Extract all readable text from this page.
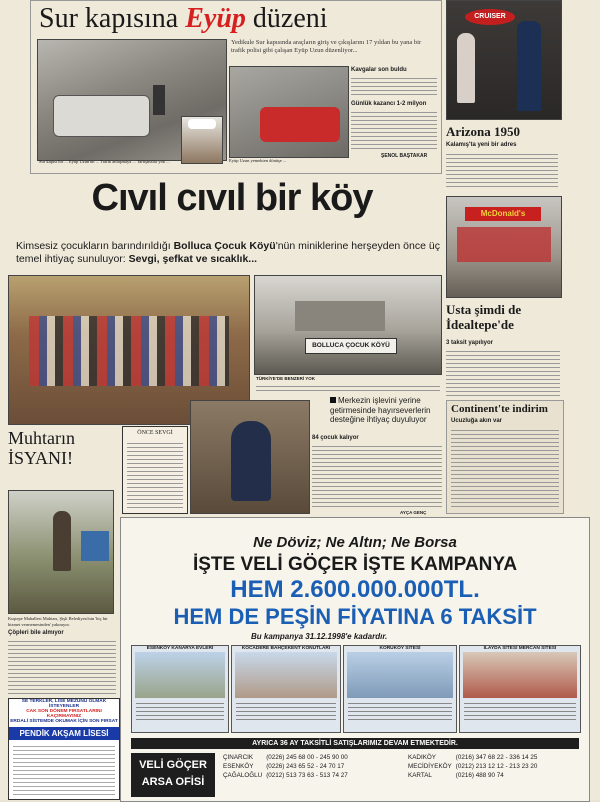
Sur kapısına Eyüp düzeni
Yedikule Sur kapısında araçların giriş ve çıkışlarını 17 yıldan bu yana bir trafik polisi gibi çalışan Eyüp Uzun düzenliyor...
Kavgalar son buldu
Günlük kazancı 1-2 milyon
ŞENOL BAŞTAKAR
Sur kapısı bir ... Eyüp Uzun'un ... Trafik anlaşmaya ... Tartışmalar yok ...	Eyüp Uzun yemekten dönüşe ...
CRUISER
Arizona 1950
Kalamış'ta yeni bir adres
Cıvıl cıvıl bir köy
Kimsesiz çocukların barındırıldığı Bolluca Çocuk Köyü'nün miniklerine herşeyden önce üç temel ihtiyaç sunuluyor: Sevgi, şefkat ve sıcaklık...
BOLLUCA ÇOCUK KÖYÜ
TÜRKİYE'DE BENZERİ YOK
Merkezin işlevini yerine getirmesinde hayırseverlerin desteğine ihtiyaç duyuluyor
84 çocuk kalıyor
AYÇA GENÇ
ÖNCE SEVGİ
McDonald's
Usta şimdi de İdealtepe'de
3 taksit yapılıyor
Continent'te indirim
Ucuzluğa akın var
Muhtarın
İSYANI!
Kuştepe Mahallesi Muhtarı, Şişli Belediyesi'nin 'hiç bir hizmet vermemesinden' yakınıyor.
Çöpleri bile almıyor
SE TERKLER, LİSE MEZUNU OLMAK İSTEYENLER
CAK SON DÖNEM FIRSATLARINI KAÇIRMAYINIZ
ERDALİ SİSTEMDE OKUMAK İÇİN SON FIRSAT
PENDİK AKŞAM LİSESİ
Ne Döviz; Ne Altın; Ne Borsa
İŞTE VELİ GÖÇER İŞTE KAMPANYA
HEM 2.600.000.000TL.
HEM DE PEŞİN FİYATINA 6 TAKSİT
Bu kampanya 31.12.1998'e kadardır.
ESENKÖY KANARYA EVLERİ	KOCADERE BAHÇEKENT KONUTLARI	KORUKÖY SİTESİ	İLAYDA SİTESİ MERCAN SİTESİ
AYRICA 36 AY TAKSİTLİ SATIŞLARIMIZ DEVAM ETMEKTEDİR.
VELİ GÖÇER
ARSA OFİSİ
ÇINARCIK	(0226) 245 68 00 - 245 90 00
ESENKÖY	(0226) 243 65 52 - 24 70 17
ÇAĞALOĞLU	(0212) 513 73 63 - 513 74 27
KADIKÖY	(0216) 347 68 22 - 336 14 25
MECİDİYEKÖY	(0212) 213 12 12 - 213 23 20
KARTAL	(0216) 488 90 74
